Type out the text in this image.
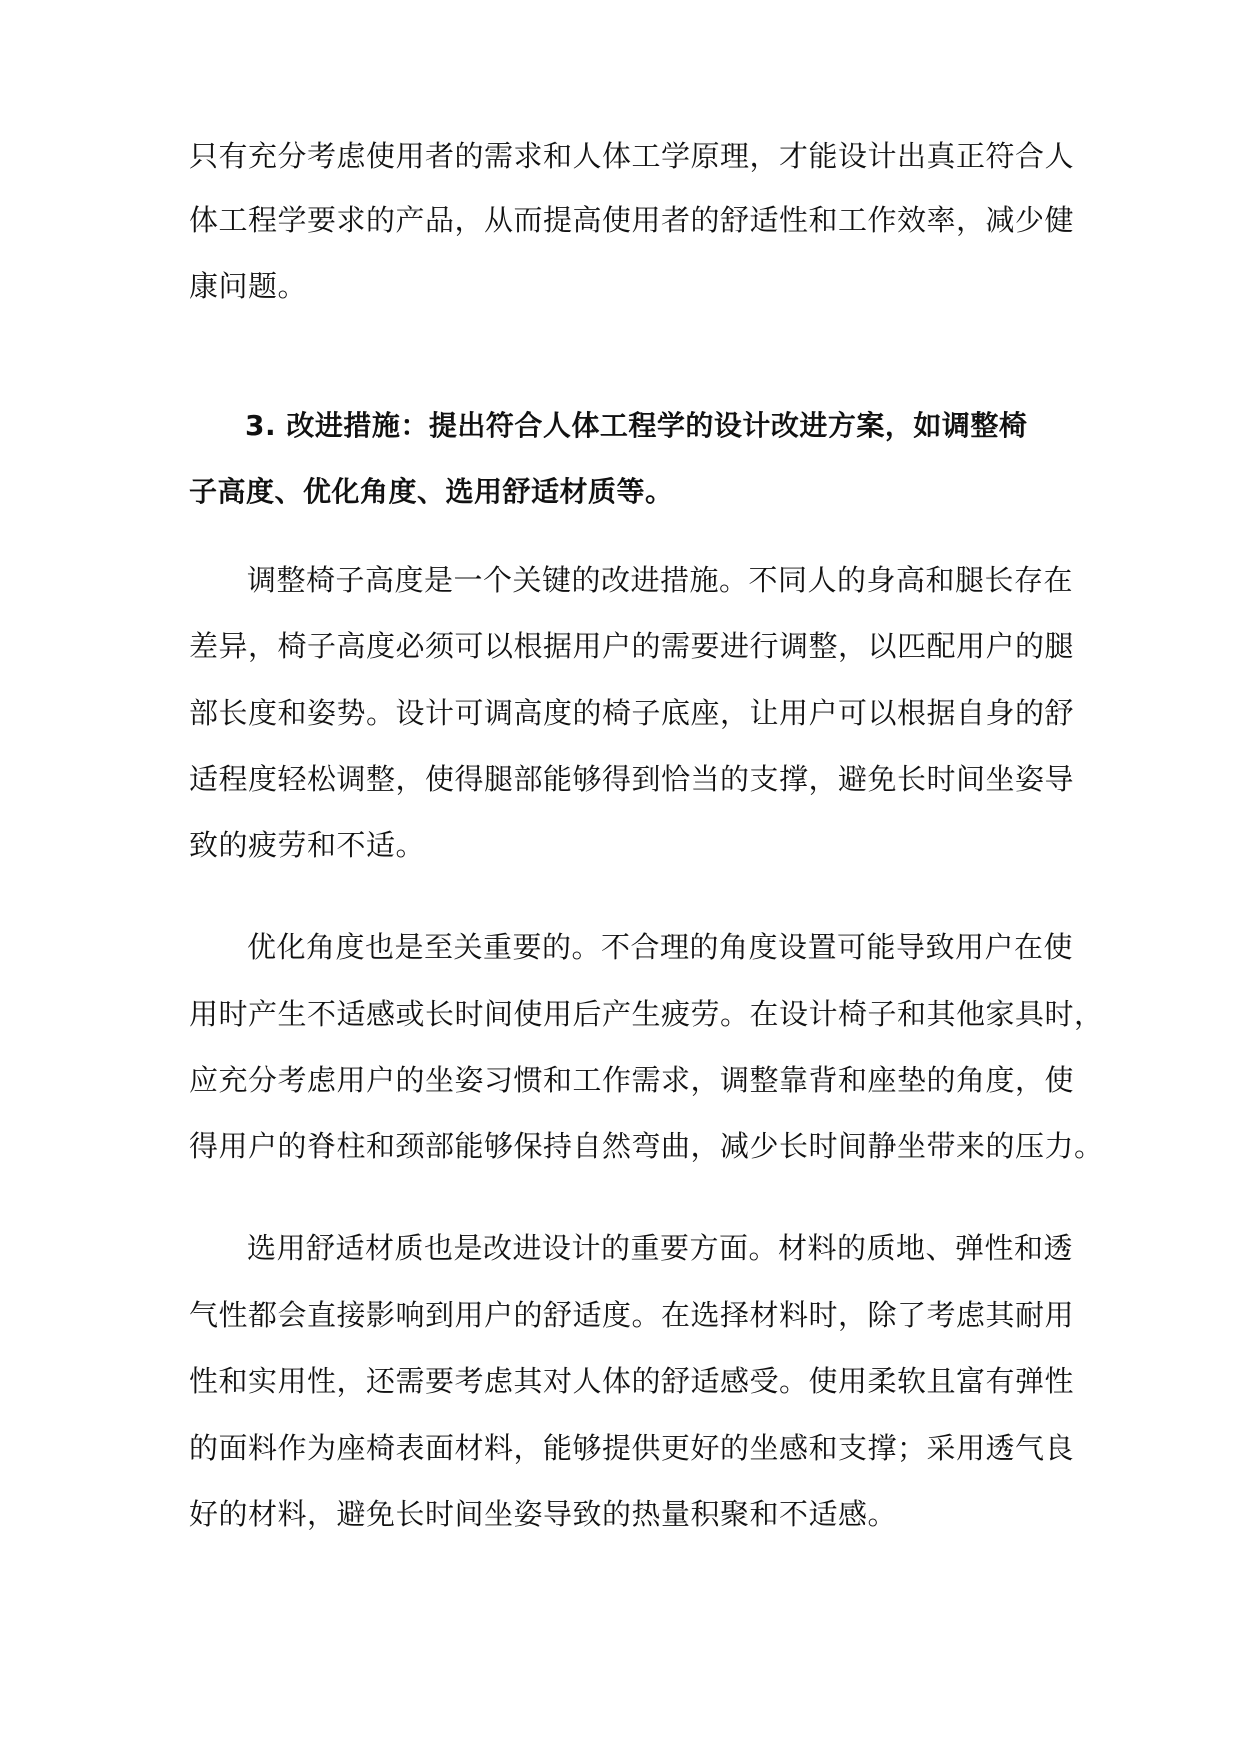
只有充分考虑使用者的需求和人体工学原理，才能设计出真正符合人
体工程学要求的产品，从而提高使用者的舒适性和工作效率，减少健
康问题。
3. 改进措施：提出符合人体工程学的设计改进方案，如调整椅
子高度、优化角度、选用舒适材质等。
调整椅子高度是一个关键的改进措施。不同人的身高和腿长存在
差异，椅子高度必须可以根据用户的需要进行调整，以匹配用户的腿
部长度和姿势。设计可调高度的椅子底座，让用户可以根据自身的舒
适程度轻松调整，使得腿部能够得到恰当的支撑，避免长时间坐姿导
致的疲劳和不适。
优化角度也是至关重要的。不合理的角度设置可能导致用户在使
用时产生不适感或长时间使用后产生疲劳。在设计椅子和其他家具时，
应充分考虑用户的坐姿习惯和工作需求，调整靠背和座垫的角度，使
得用户的脊柱和颈部能够保持自然弯曲，减少长时间静坐带来的压力。
选用舒适材质也是改进设计的重要方面。材料的质地、弹性和透
气性都会直接影响到用户的舒适度。在选择材料时，除了考虑其耐用
性和实用性，还需要考虑其对人体的舒适感受。使用柔软且富有弹性
的面料作为座椅表面材料，能够提供更好的坐感和支撑；采用透气良
好的材料，避免长时间坐姿导致的热量积聚和不适感。
